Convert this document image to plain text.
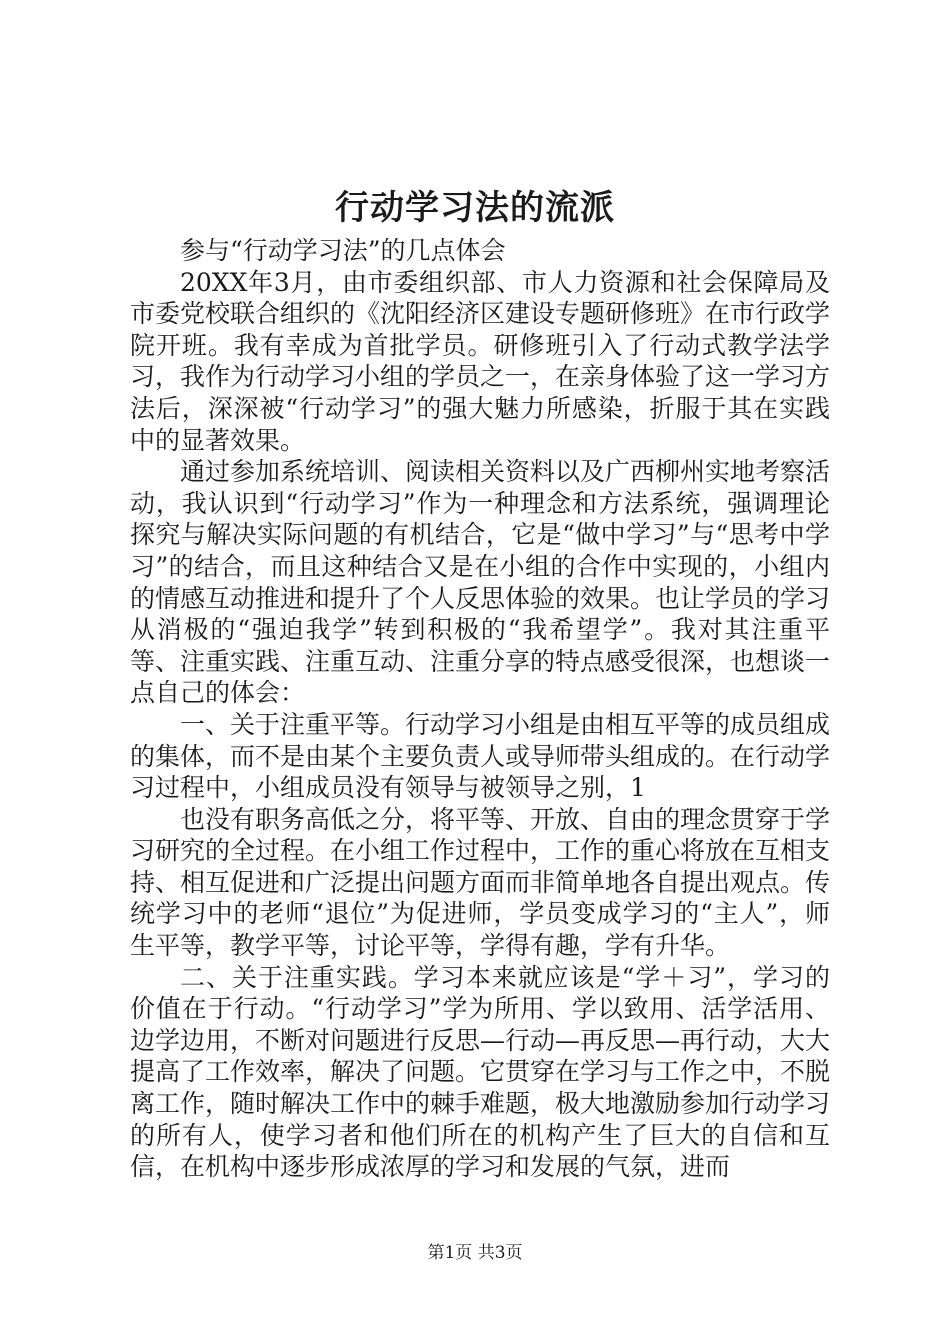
行动学习法的流派

参与“行动学习法”的几点体会

20XX年3月，由市委组织部、市人力资源和社会保障局及市委党校联合组织的《沈阳经济区建设专题研修班》在市行政学院开班。我有幸成为首批学员。研修班引入了行动式教学法学习，我作为行动学习小组的学员之一，在亲身体验了这一学习方法后，深深被“行动学习”的强大魅力所感染，折服于其在实践中的显著效果。

通过参加系统培训、阅读相关资料以及广西柳州实地考察活动，我认识到“行动学习”作为一种理念和方法系统，强调理论探究与解决实际问题的有机结合，它是“做中学习”与“思考中学习”的结合，而且这种结合又是在小组的合作中实现的，小组内的情感互动推进和提升了个人反思体验的效果。也让学员的学习从消极的“强迫我学”转到积极的“我希望学”。我对其注重平等、注重实践、注重互动、注重分享的特点感受很深，也想谈一点自己的体会：

一、关于注重平等。行动学习小组是由相互平等的成员组成的集体，而不是由某个主要负责人或导师带头组成的。在行动学习过程中，小组成员没有领导与被领导之别，1

也没有职务高低之分，将平等、开放、自由的理念贯穿于学习研究的全过程。在小组工作过程中，工作的重心将放在互相支持、相互促进和广泛提出问题方面而非简单地各自提出观点。传统学习中的老师“退位”为促进师，学员变成学习的“主人”，师生平等，教学平等，讨论平等，学得有趣，学有升华。

二、关于注重实践。学习本来就应该是“学＋习”，学习的价值在于行动。“行动学习”学为所用、学以致用、活学活用、边学边用，不断对问题进行反思—行动—再反思—再行动，大大提高了工作效率，解决了问题。它贯穿在学习与工作之中，不脱离工作，随时解决工作中的棘手难题，极大地激励参加行动学习的所有人，使学习者和他们所在的机构产生了巨大的自信和互信，在机构中逐步形成浓厚的学习和发展的气氛，进而

第1页 共3页
